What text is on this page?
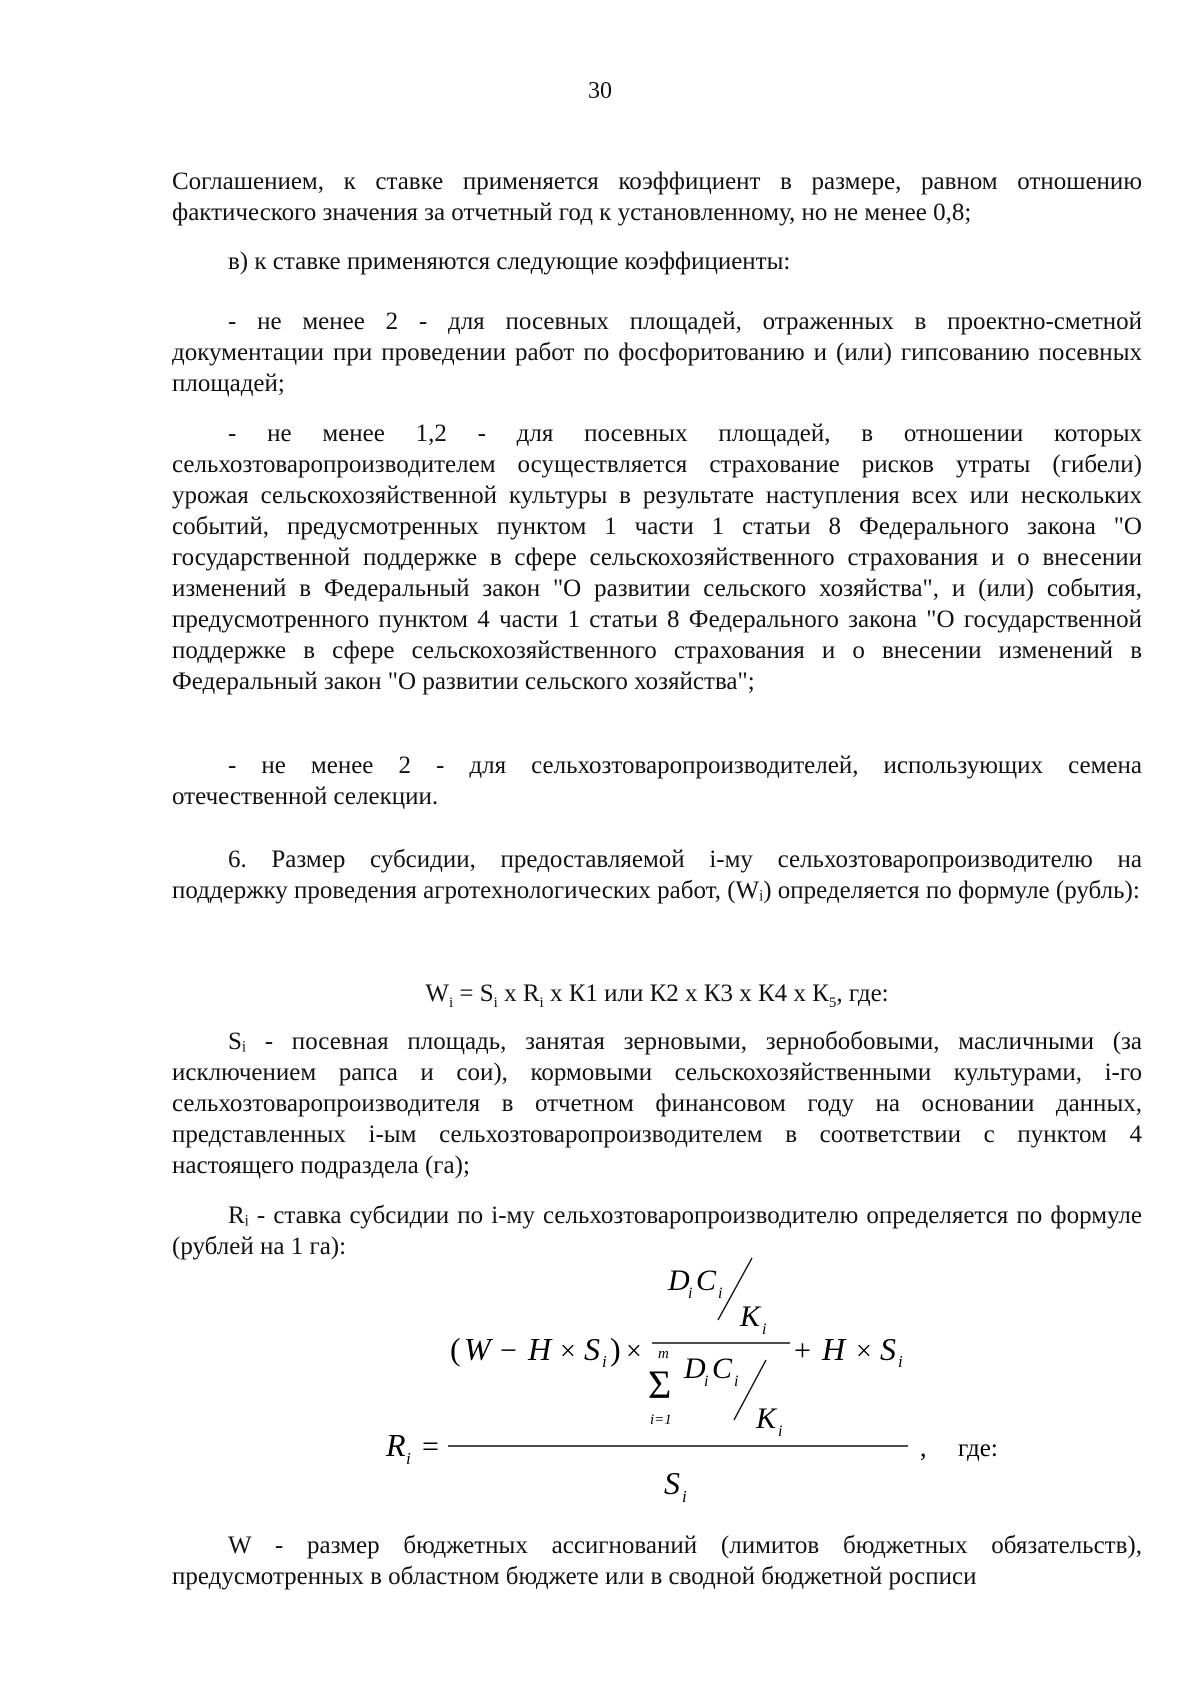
30

Соглашением, к ставке применяется коэффициент в размере, равном отношению фактического значения за отчетный год к установленному, но не менее 0,8;

в) к ставке применяются следующие коэффициенты:

- не менее 2 - для посевных площадей, отраженных в проектно-сметной документации при проведении работ по фосфоритованию и (или) гипсованию посевных площадей;

- не менее 1,2 - для посевных площадей, в отношении которых сельхозтоваропроизводителем осуществляется страхование рисков утраты (гибели) урожая сельскохозяйственной культуры в результате наступления всех или нескольких событий, предусмотренных пунктом 1 части 1 статьи 8 Федерального закона "О государственной поддержке в сфере сельскохозяйственного страхования и о внесении изменений в Федеральный закон "О развитии сельского хозяйства", и (или) события, предусмотренного пунктом 4 части 1 статьи 8 Федерального закона "О государственной поддержке в сфере сельскохозяйственного страхования и о внесении изменений в Федеральный закон "О развитии сельского хозяйства";

- не менее 2 - для сельхозтоваропроизводителей, использующих семена отечественной селекции.

6. Размер субсидии, предоставляемой i-му сельхозтоваропроизводителю на поддержку проведения агротехнологических работ, (Wᵢ) определяется по формуле (рубль):

$W_i = S_i$ x $R_i$ x К1 или К2 x К3 x К4 x $К_5$, где:

Sᵢ - посевная площадь, занятая зерновыми, зернобобовыми, масличными (за исключением рапса и сои), кормовыми сельскохозяйственными культурами, i-го сельхозтоваропроизводителя в отчетном финансовом году на основании данных, представленных i-ым сельхозтоваропроизводителем в соответствии с пунктом 4 настоящего подраздела (га);

Rᵢ - ставка субсидии по i-му сельхозтоваропроизводителю определяется по формуле (рублей на 1 га):

R i =
( W − H × S i ) ×
D
i C i
K i
+ H × S i
m
Σ
i=1
D
i C i
K i
S i
, где:

W - размер бюджетных ассигнований (лимитов бюджетных обязательств), предусмотренных в областном бюджете или в сводной бюджетной росписи
